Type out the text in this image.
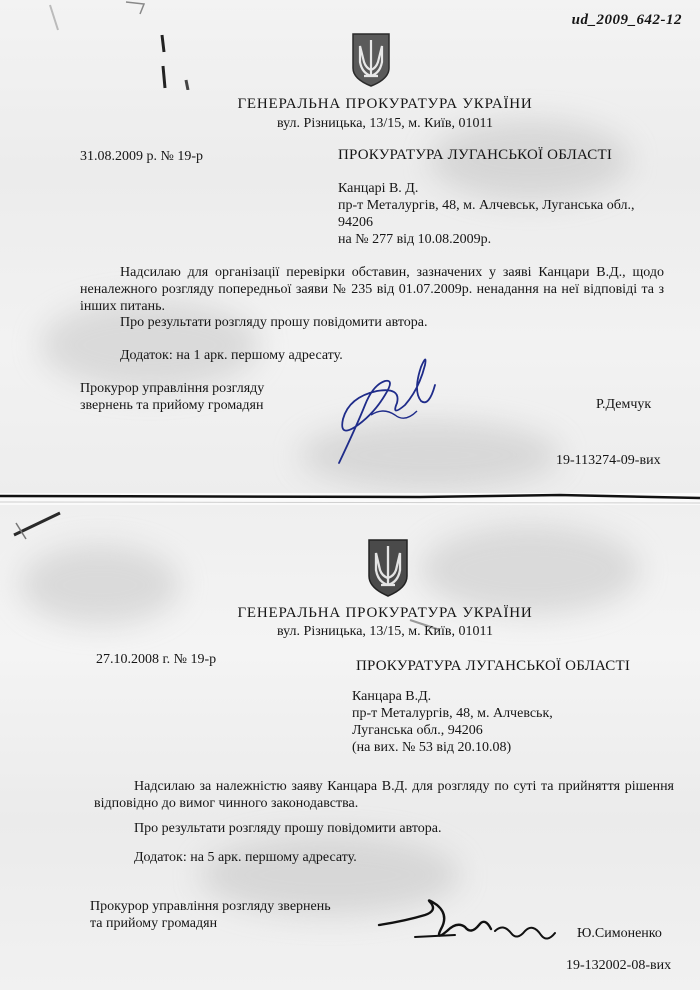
ГЕНЕРАЛЬНА ПРОКУРАТУРА УКРАЇНИ
вул. Різницька, 13/15, м. Київ, 01011
31.08.2009 р. № 19-р	ПРОКУРАТУРА ЛУГАНСЬКОЇ ОБЛАСТІ
Канцарі В. Д.
пр-т Металургів, 48, м. Алчевськ, Луганська обл.,
94206
на № 277 від 10.08.2009р.
Надсилаю для організації перевірки обставин, зазначених у заяві Канцари В.Д., щодо неналежного розгляду попередньої заяви № 235 від 01.07.2009р. ненадання на неї відповіді та з інших питань.
Про результати розгляду прошу повідомити автора.
Додаток: на 1 арк. першому адресату.
Прокурор управління розгляду
звернень та прийому громадян	Р.Демчук
19-113274-09-вих
ГЕНЕРАЛЬНА ПРОКУРАТУРА УКРАЇНИ
вул. Різницька, 13/15, м. Київ, 01011
27.10.2008 г. № 19-р	ПРОКУРАТУРА ЛУГАНСЬКОЇ ОБЛАСТІ
Канцара В.Д.
пр-т Металургів, 48, м. Алчевськ,
Луганська обл., 94206
(на вих. № 53 від 20.10.08)
Надсилаю за належністю заяву Канцара В.Д. для розгляду по суті та прийняття рішення відповідно до вимог чинного законодавства.
Про результати розгляду прошу повідомити автора.
Додаток: на 5 арк. першому адресату.
Прокурор управління розгляду звернень
та прийому громадян
Ю.Симоненко
19-132002-08-вих
ud_2009_642-12
